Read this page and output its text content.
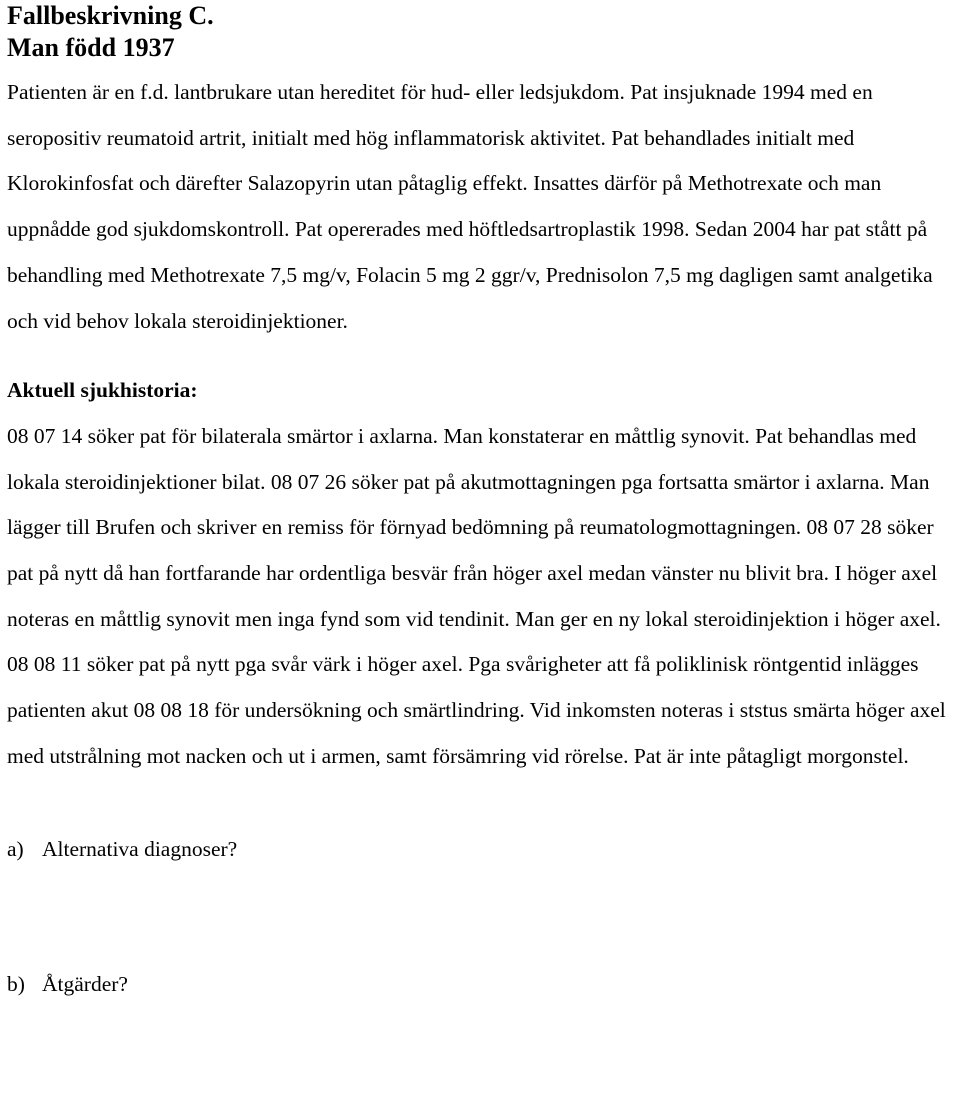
Fallbeskrivning C.
Man född 1937

Patienten är en f.d. lantbrukare utan hereditet för hud- eller ledsjukdom. Pat insjuknade 1994 med en seropositiv reumatoid artrit, initialt med hög inflammatorisk aktivitet. Pat behandlades initialt med Klorokinfosfat och därefter Salazopyrin utan påtaglig effekt. Insattes därför på Methotrexate och man uppnådde god sjukdomskontroll. Pat opererades med höftledsartroplastik 1998. Sedan 2004 har pat stått på behandling med Methotrexate 7,5 mg/v, Folacin 5 mg 2 ggr/v, Prednisolon 7,5 mg dagligen samt analgetika och vid behov lokala steroidinjektioner.

Aktuell sjukhistoria:

08 07 14 söker pat för bilaterala smärtor i axlarna. Man konstaterar en måttlig synovit. Pat behandlas med lokala steroidinjektioner bilat. 08 07 26 söker pat på akutmottagningen pga fortsatta smärtor i axlarna. Man lägger till Brufen och skriver en remiss för förnyad bedömning på reumatologmottagningen. 08 07 28 söker pat på nytt då han fortfarande har ordentliga besvär från höger axel medan vänster nu blivit bra. I höger axel noteras en måttlig synovit men inga fynd som vid tendinit. Man ger en ny lokal steroidinjektion i höger axel. 08 08 11 söker pat på nytt pga svår värk i höger axel. Pga svårigheter att få poliklinisk röntgentid inlägges patienten akut 08 08 18 för undersökning och smärtlindring. Vid inkomsten noteras i ststus smärta höger axel med utstrålning mot nacken och ut i armen, samt försämring vid rörelse. Pat är inte påtagligt morgonstel.

a) Alternativa diagnoser?
b) Åtgärder?
